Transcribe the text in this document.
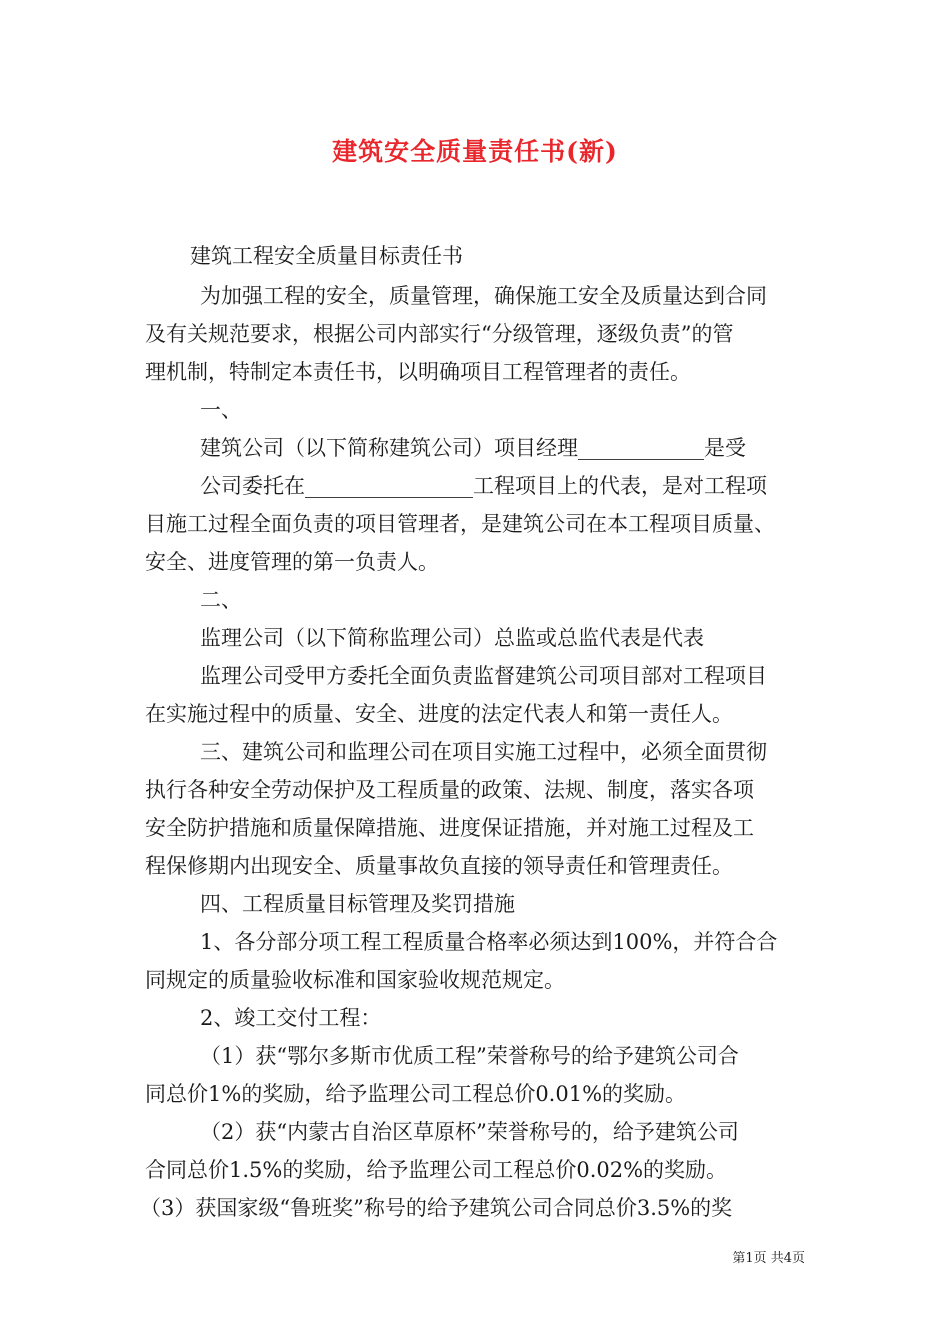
建筑安全质量责任书(新)

建筑工程安全质量目标责任书

为加强工程的安全，质量管理，确保施工安全及质量达到合同

及有关规范要求，根据公司内部实行“分级管理，逐级负责”的管

理机制，特制定本责任书，以明确项目工程管理者的责任。

一、

建筑公司（以下简称建筑公司）项目经理____________是受

公司委托在________________工程项目上的代表，是对工程项

目施工过程全面负责的项目管理者，是建筑公司在本工程项目质量、

安全、进度管理的第一负责人。

二、

监理公司（以下简称监理公司）总监或总监代表是代表

监理公司受甲方委托全面负责监督建筑公司项目部对工程项目

在实施过程中的质量、安全、进度的法定代表人和第一责任人。

三、建筑公司和监理公司在项目实施工过程中，必须全面贯彻

执行各种安全劳动保护及工程质量的政策、法规、制度，落实各项

安全防护措施和质量保障措施、进度保证措施，并对施工过程及工

程保修期内出现安全、质量事故负直接的领导责任和管理责任。

四、工程质量目标管理及奖罚措施

1、各分部分项工程工程质量合格率必须达到100%，并符合合

同规定的质量验收标准和国家验收规范规定。

2、竣工交付工程：

（1）获“鄂尔多斯市优质工程”荣誉称号的给予建筑公司合

同总价1%的奖励，给予监理公司工程总价0.01%的奖励。

（2）获“内蒙古自治区草原杯”荣誉称号的，给予建筑公司

合同总价1.5%的奖励，给予监理公司工程总价0.02%的奖励。

（3）获国家级“鲁班奖”称号的给予建筑公司合同总价3.5%的奖

第1页 共4页
